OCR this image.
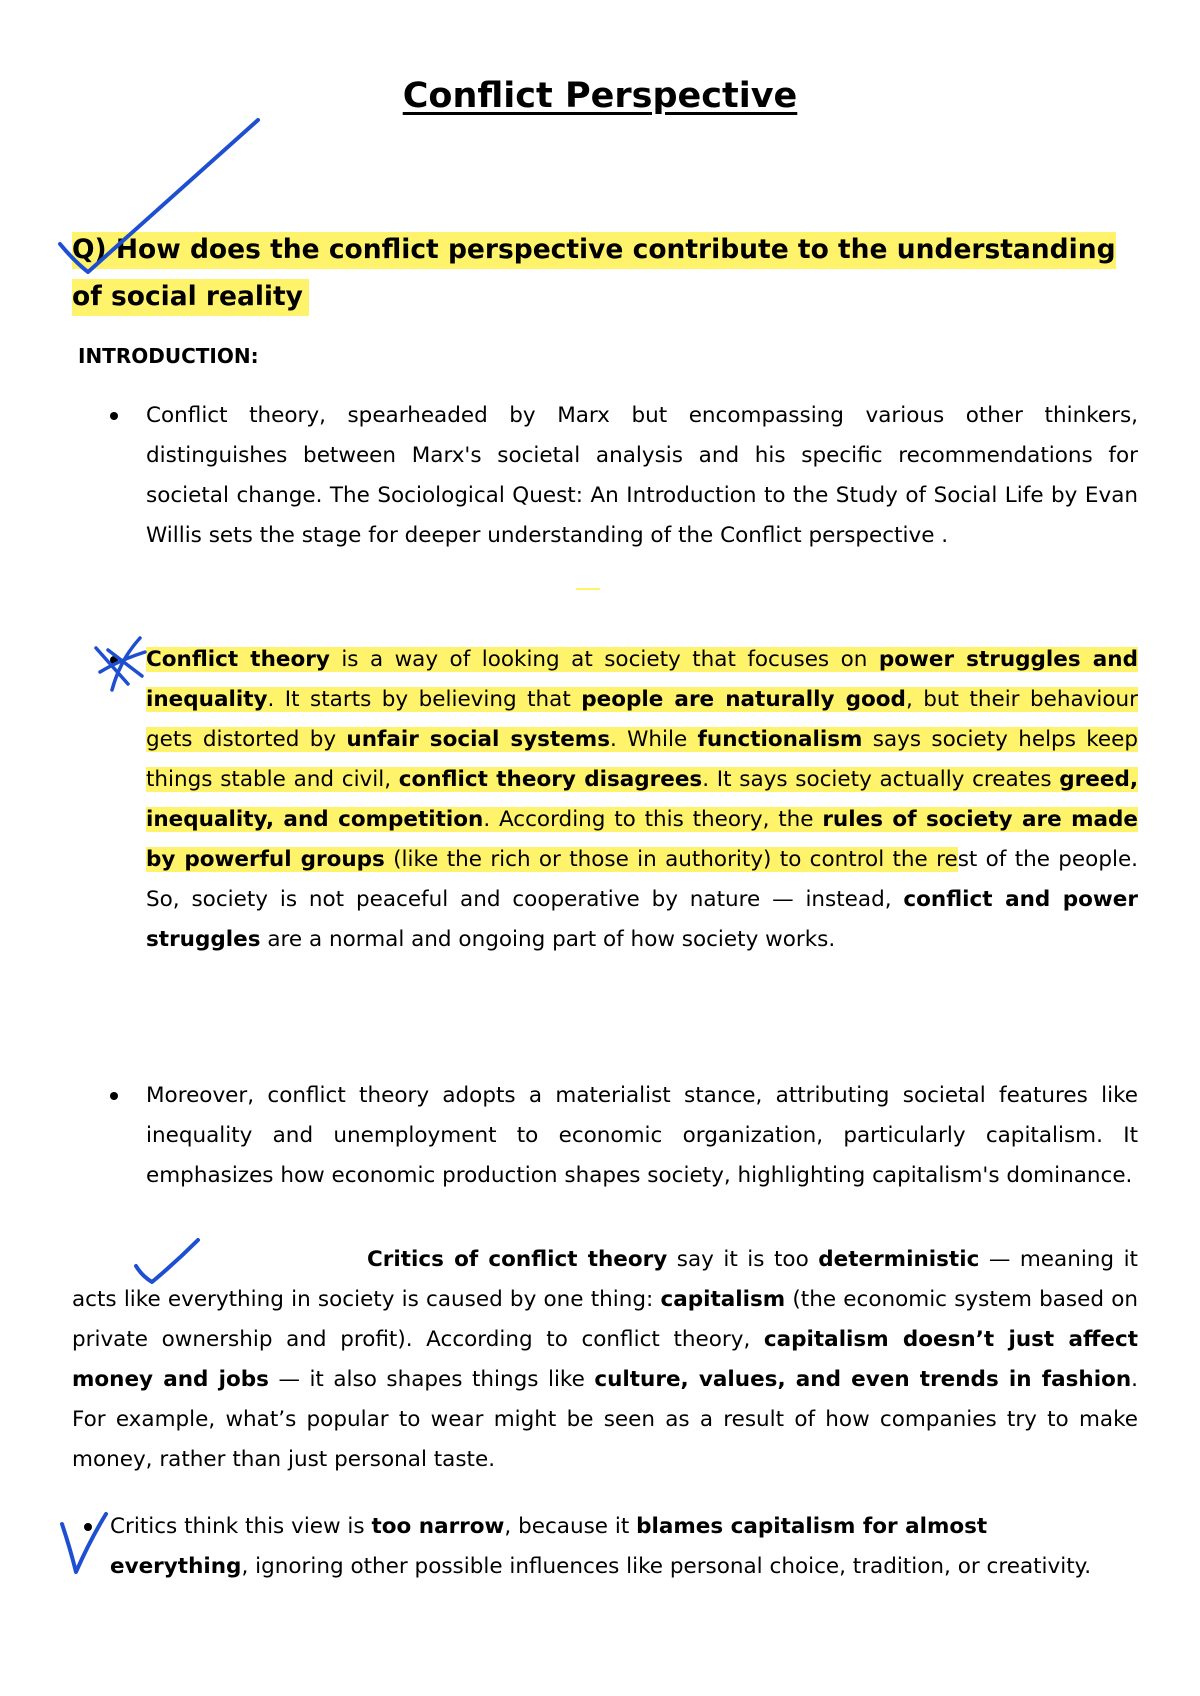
Conflict Perspective

Q) How does the conflict perspective contribute to the understanding of social reality

INTRODUCTION:

Conflict theory, spearheaded by Marx but encompassing various other thinkers, distinguishes between Marx's societal analysis and his specific recommendations for societal change. The Sociological Quest: An Introduction to the Study of Social Life by Evan Willis sets the stage for deeper understanding of the Conflict perspective .

Conflict theory is a way of looking at society that focuses on power struggles and inequality. It starts by believing that people are naturally good, but their behaviour gets distorted by unfair social systems. While functionalism says society helps keep things stable and civil, conflict theory disagrees. It says society actually creates greed, inequality, and competition. According to this theory, the rules of society are made by powerful groups (like the rich or those in authority) to control the rest of the people. So, society is not peaceful and cooperative by nature — instead, conflict and power struggles are a normal and ongoing part of how society works.

Moreover, conflict theory adopts a materialist stance, attributing societal features like inequality and unemployment to economic organization, particularly capitalism. It emphasizes how economic production shapes society, highlighting capitalism's dominance.

Critics of conflict theory say it is too deterministic — meaning it acts like everything in society is caused by one thing: capitalism (the economic system based on private ownership and profit). According to conflict theory, capitalism doesn’t just affect money and jobs — it also shapes things like culture, values, and even trends in fashion. For example, what’s popular to wear might be seen as a result of how companies try to make money, rather than just personal taste.

Critics think this view is too narrow, because it blames capitalism for almost everything, ignoring other possible influences like personal choice, tradition, or creativity.
